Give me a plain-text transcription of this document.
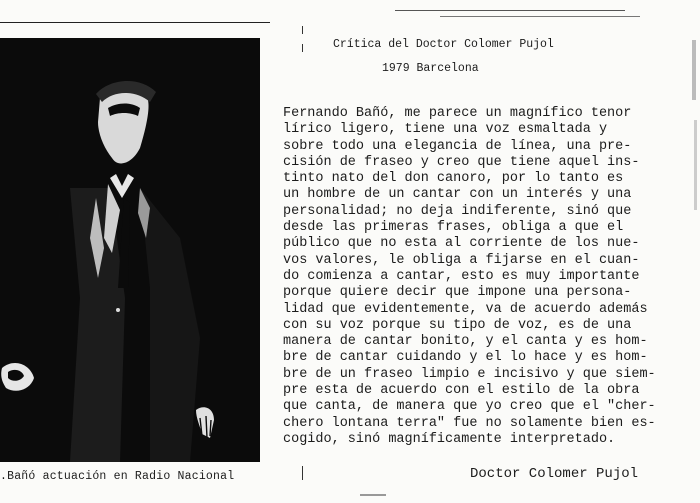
.Bañó actuación en Radio Nacional
Crítica del Doctor Colomer Pujol
1979 Barcelona
Fernando Bañó, me parece un magnífico tenor
lírico ligero, tiene una voz esmaltada y
sobre todo una elegancia de línea, una pre-
cisión de fraseo y creo que tiene aquel ins-
tinto nato del don canoro, por lo tanto es
un hombre de un cantar con un interés y una
personalidad; no deja indiferente, sinó que
desde las primeras frases, obliga a que el
público que no esta al corriente de los nue-
vos valores, le obliga a fijarse en el cuan-
do comienza a cantar, esto es muy importante
porque quiere decir que impone una persona-
lidad que evidentemente, va de acuerdo además
con su voz porque su tipo de voz, es de una
manera de cantar bonito, y el canta y es hom-
bre de cantar cuidando y el lo hace y es hom-
bre de un fraseo limpio e incisivo y que siem-
pre esta de acuerdo con el estilo de la obra
que canta, de manera que yo creo que el "cher-
chero lontana terra" fue no solamente bien es-
cogido, sinó magníficamente interpretado.
Doctor Colomer Pujol
